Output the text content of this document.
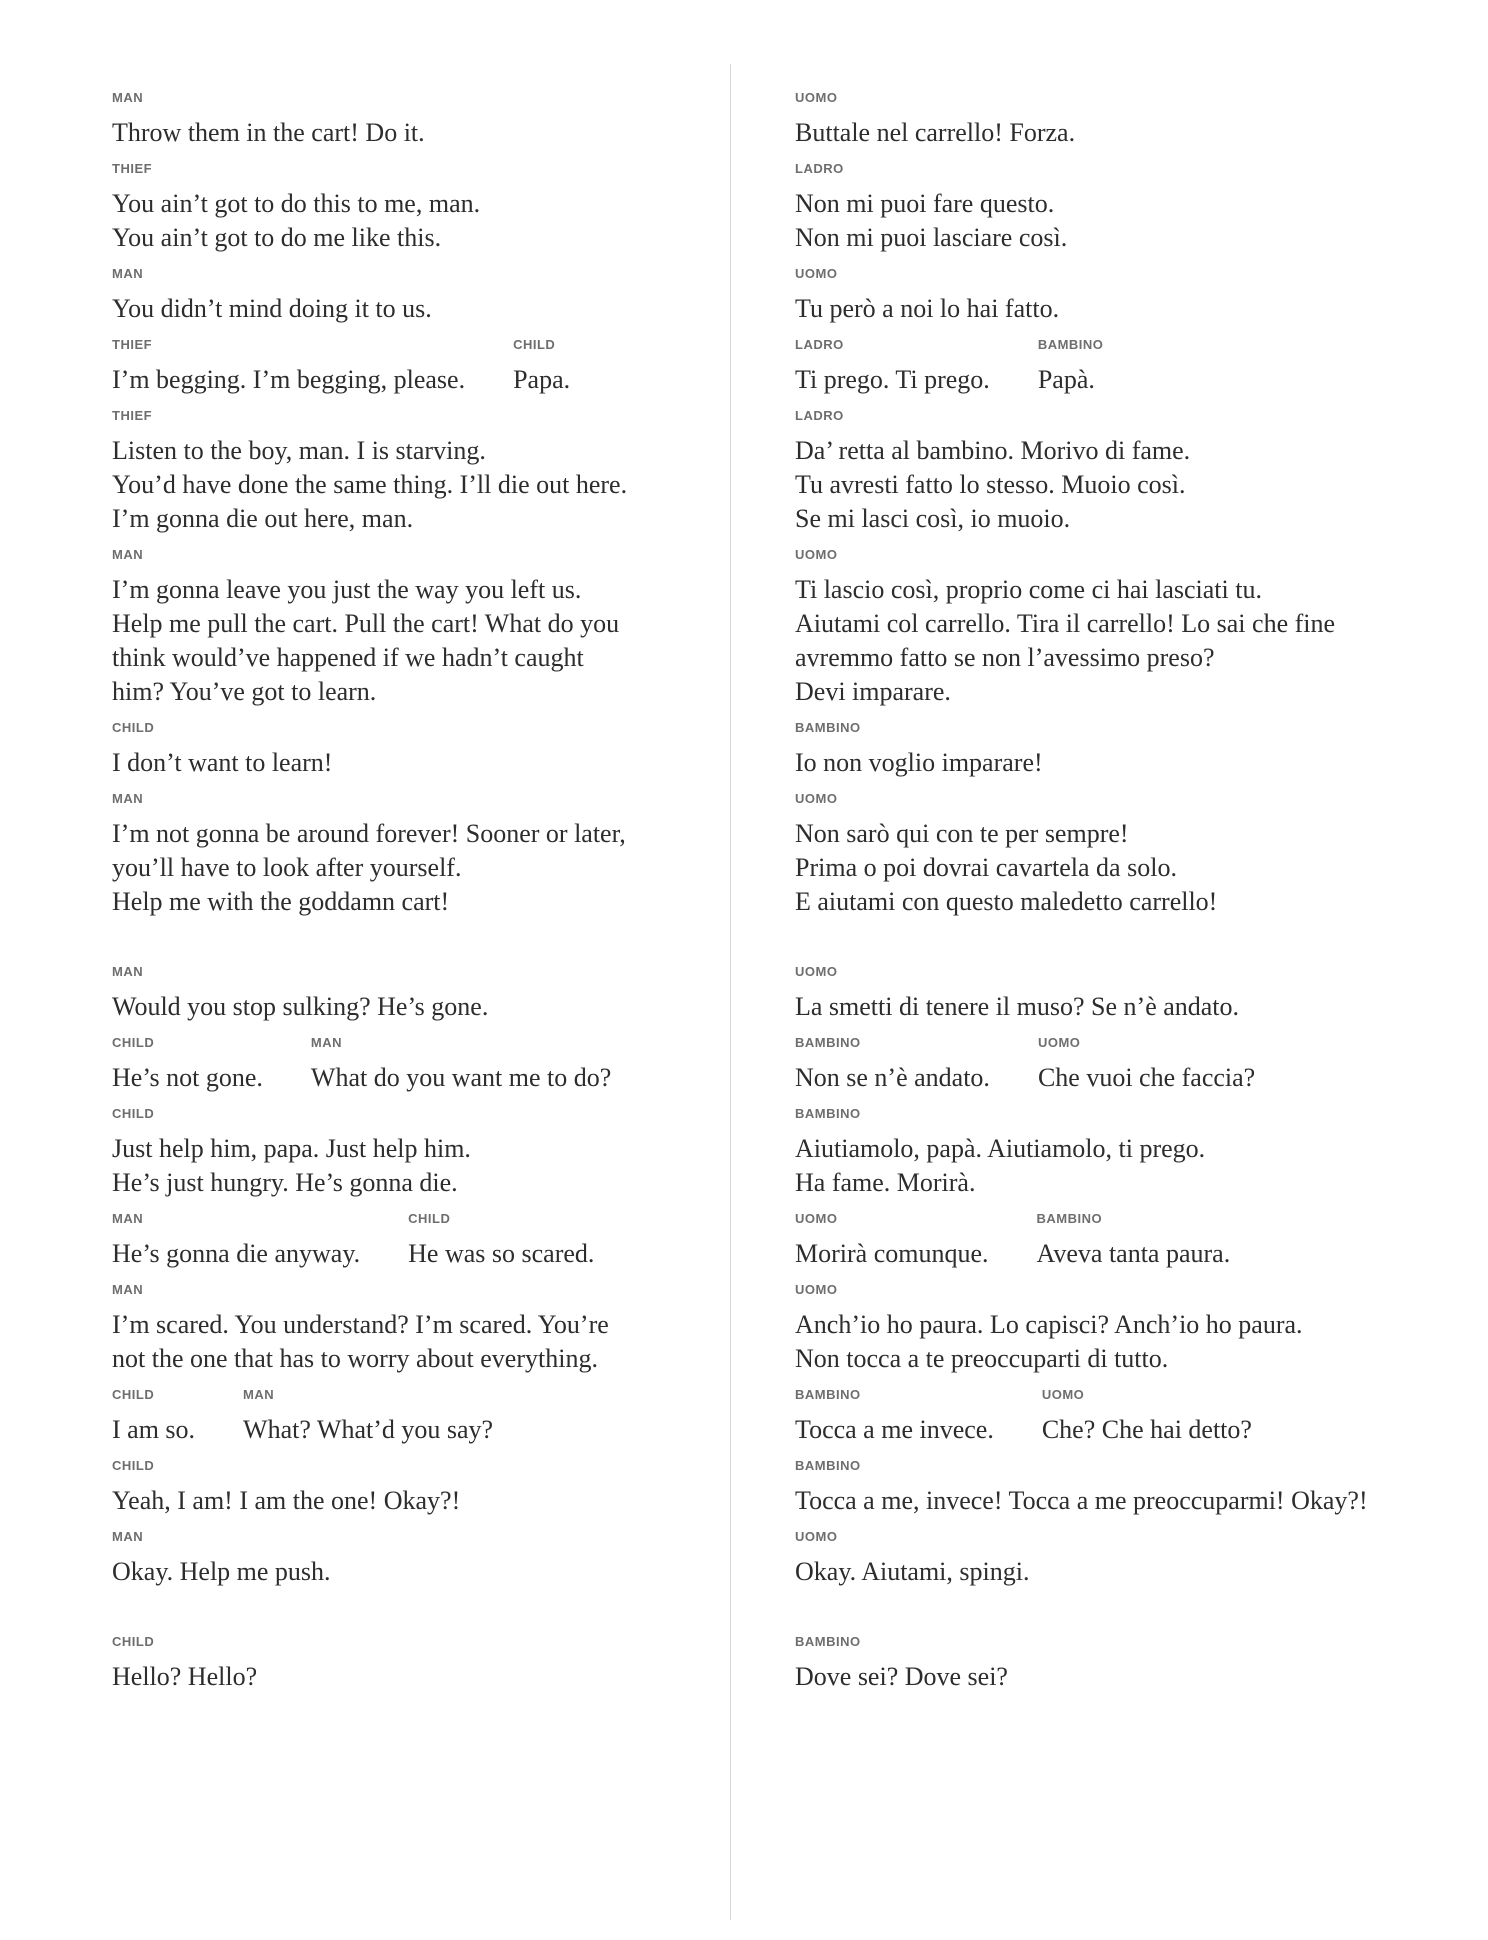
MAN
Throw them in the cart! Do it.
UOMO
Buttale nel carrello! Forza.
THIEF
You ain’t got to do this to me, man.
You ain’t got to do me like this.
LADRO
Non mi puoi fare questo.
Non mi puoi lasciare così.
MAN
You didn’t mind doing it to us.
UOMO
Tu però a noi lo hai fatto.
THIEF
I’m begging. I’m begging, please.
CHILD
Papa.
LADRO
Ti prego. Ti prego.
BAMBINO
Papà.
THIEF
Listen to the boy, man. I is starving.
You’d have done the same thing. I’ll die out here.
I’m gonna die out here, man.
LADRO
Da’ retta al bambino. Morivo di fame.
Tu avresti fatto lo stesso. Muoio così.
Se mi lasci così, io muoio.
MAN
I’m gonna leave you just the way you left us.
Help me pull the cart. Pull the cart! What do you
think would’ve happened if we hadn’t caught
him? You’ve got to learn.
UOMO
Ti lascio così, proprio come ci hai lasciati tu.
Aiutami col carrello. Tira il carrello! Lo sai che fine
avremmo fatto se non l’avessimo preso?
Devi imparare.
CHILD
I don’t want to learn!
BAMBINO
Io non voglio imparare!
MAN
I’m not gonna be around forever! Sooner or later,
you’ll have to look after yourself.
Help me with the goddamn cart!
UOMO
Non sarò qui con te per sempre!
Prima o poi dovrai cavartela da solo.
E aiutami con questo maledetto carrello!
MAN
Would you stop sulking? He’s gone.
UOMO
La smetti di tenere il muso? Se n’è andato.
CHILD
He’s not gone.
MAN
What do you want me to do?
BAMBINO
Non se n’è andato.
UOMO
Che vuoi che faccia?
CHILD
Just help him, papa. Just help him.
He’s just hungry. He’s gonna die.
BAMBINO
Aiutiamolo, papà. Aiutiamolo, ti prego.
Ha fame. Morirà.
MAN
He’s gonna die anyway.
CHILD
He was so scared.
UOMO
Morirà comunque.
BAMBINO
Aveva tanta paura.
MAN
I’m scared. You understand? I’m scared. You’re
not the one that has to worry about everything.
UOMO
Anch’io ho paura. Lo capisci? Anch’io ho paura.
Non tocca a te preoccuparti di tutto.
CHILD
I am so.
MAN
What? What’d you say?
BAMBINO
Tocca a me invece.
UOMO
Che? Che hai detto?
CHILD
Yeah, I am! I am the one! Okay?!
BAMBINO
Tocca a me, invece! Tocca a me preoccuparmi! Okay?!
MAN
Okay. Help me push.
UOMO
Okay. Aiutami, spingi.
CHILD
Hello? Hello?
BAMBINO
Dove sei? Dove sei?
